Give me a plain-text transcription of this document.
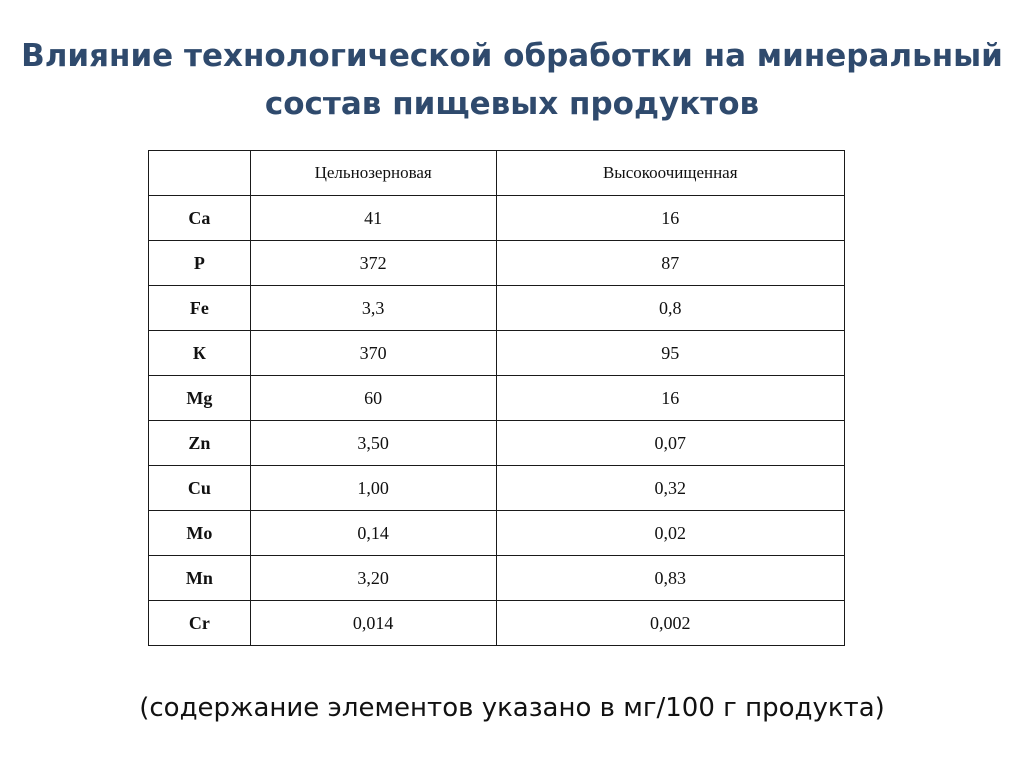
Влияние технологической обработки на минеральный
состав пищевых продуктов
	Цельнозерновая	Высокоочищенная
Ca	41	16
P	372	87
Fe	3,3	0,8
К	370	95
Mg	60	16
Zn	3,50	0,07
Cu	1,00	0,32
Mo	0,14	0,02
Mn	3,20	0,83
Cr	0,014	0,002
(содержание элементов указано в мг/100 г продукта)
